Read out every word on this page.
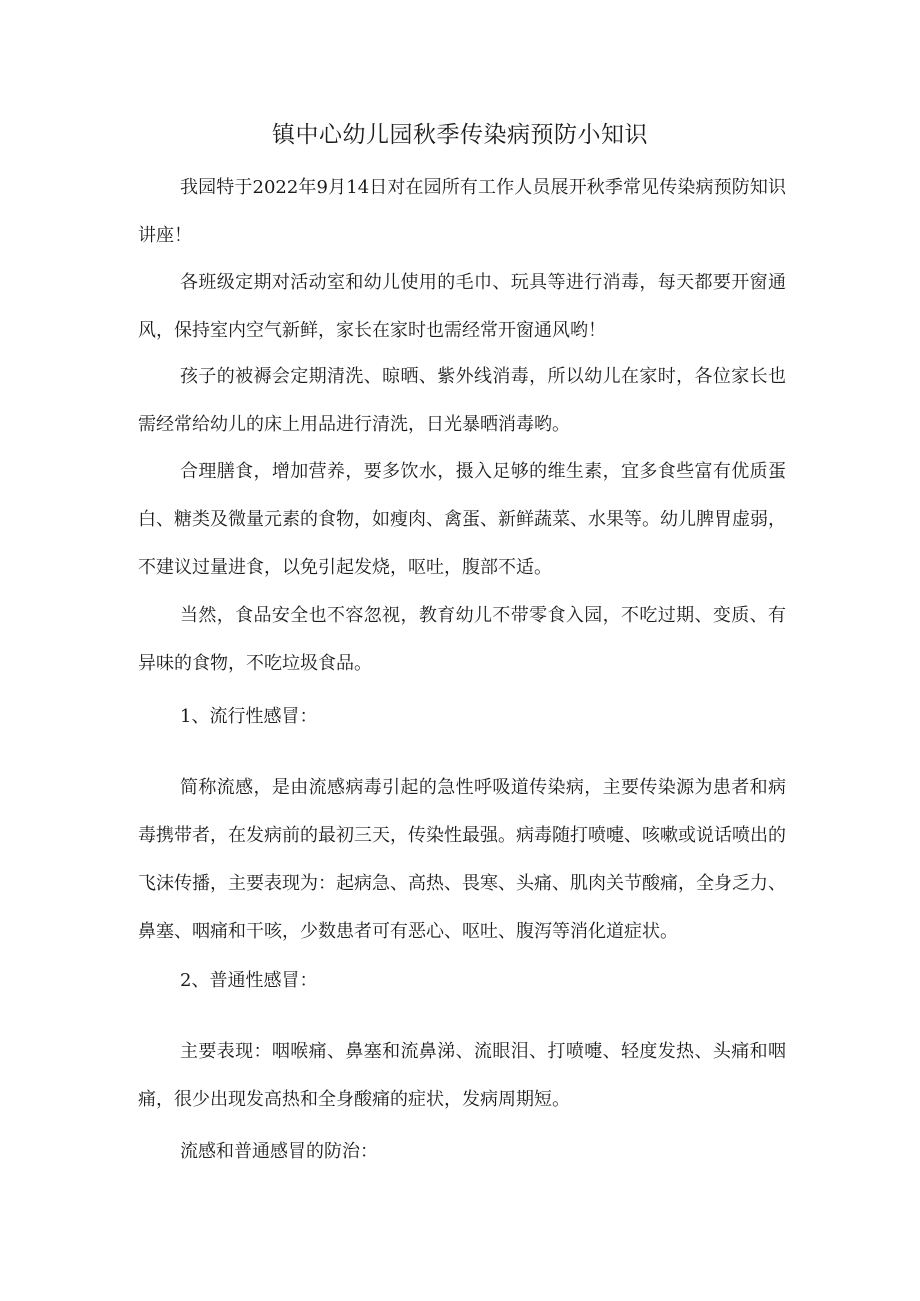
镇中心幼儿园秋季传染病预防小知识

我园特于2022年9月14日对在园所有工作人员展开秋季常见传染病预防知识讲座！

各班级定期对活动室和幼儿使用的毛巾、玩具等进行消毒，每天都要开窗通风，保持室内空气新鲜，家长在家时也需经常开窗通风哟！

孩子的被褥会定期清洗、晾晒、紫外线消毒，所以幼儿在家时，各位家长也需经常给幼儿的床上用品进行清洗，日光暴晒消毒哟。

合理膳食，增加营养，要多饮水，摄入足够的维生素，宜多食些富有优质蛋白、糖类及微量元素的食物，如瘦肉、禽蛋、新鲜蔬菜、水果等。幼儿脾胃虚弱，不建议过量进食，以免引起发烧，呕吐，腹部不适。

当然，食品安全也不容忽视，教育幼儿不带零食入园，不吃过期、变质、有异味的食物，不吃垃圾食品。

1、流行性感冒：

简称流感，是由流感病毒引起的急性呼吸道传染病，主要传染源为患者和病毒携带者，在发病前的最初三天，传染性最强。病毒随打喷嚏、咳嗽或说话喷出的飞沫传播，主要表现为：起病急、高热、畏寒、头痛、肌肉关节酸痛，全身乏力、鼻塞、咽痛和干咳，少数患者可有恶心、呕吐、腹泻等消化道症状。

2、普通性感冒：

主要表现：咽喉痛、鼻塞和流鼻涕、流眼泪、打喷嚏、轻度发热、头痛和咽痛，很少出现发高热和全身酸痛的症状，发病周期短。

流感和普通感冒的防治：
